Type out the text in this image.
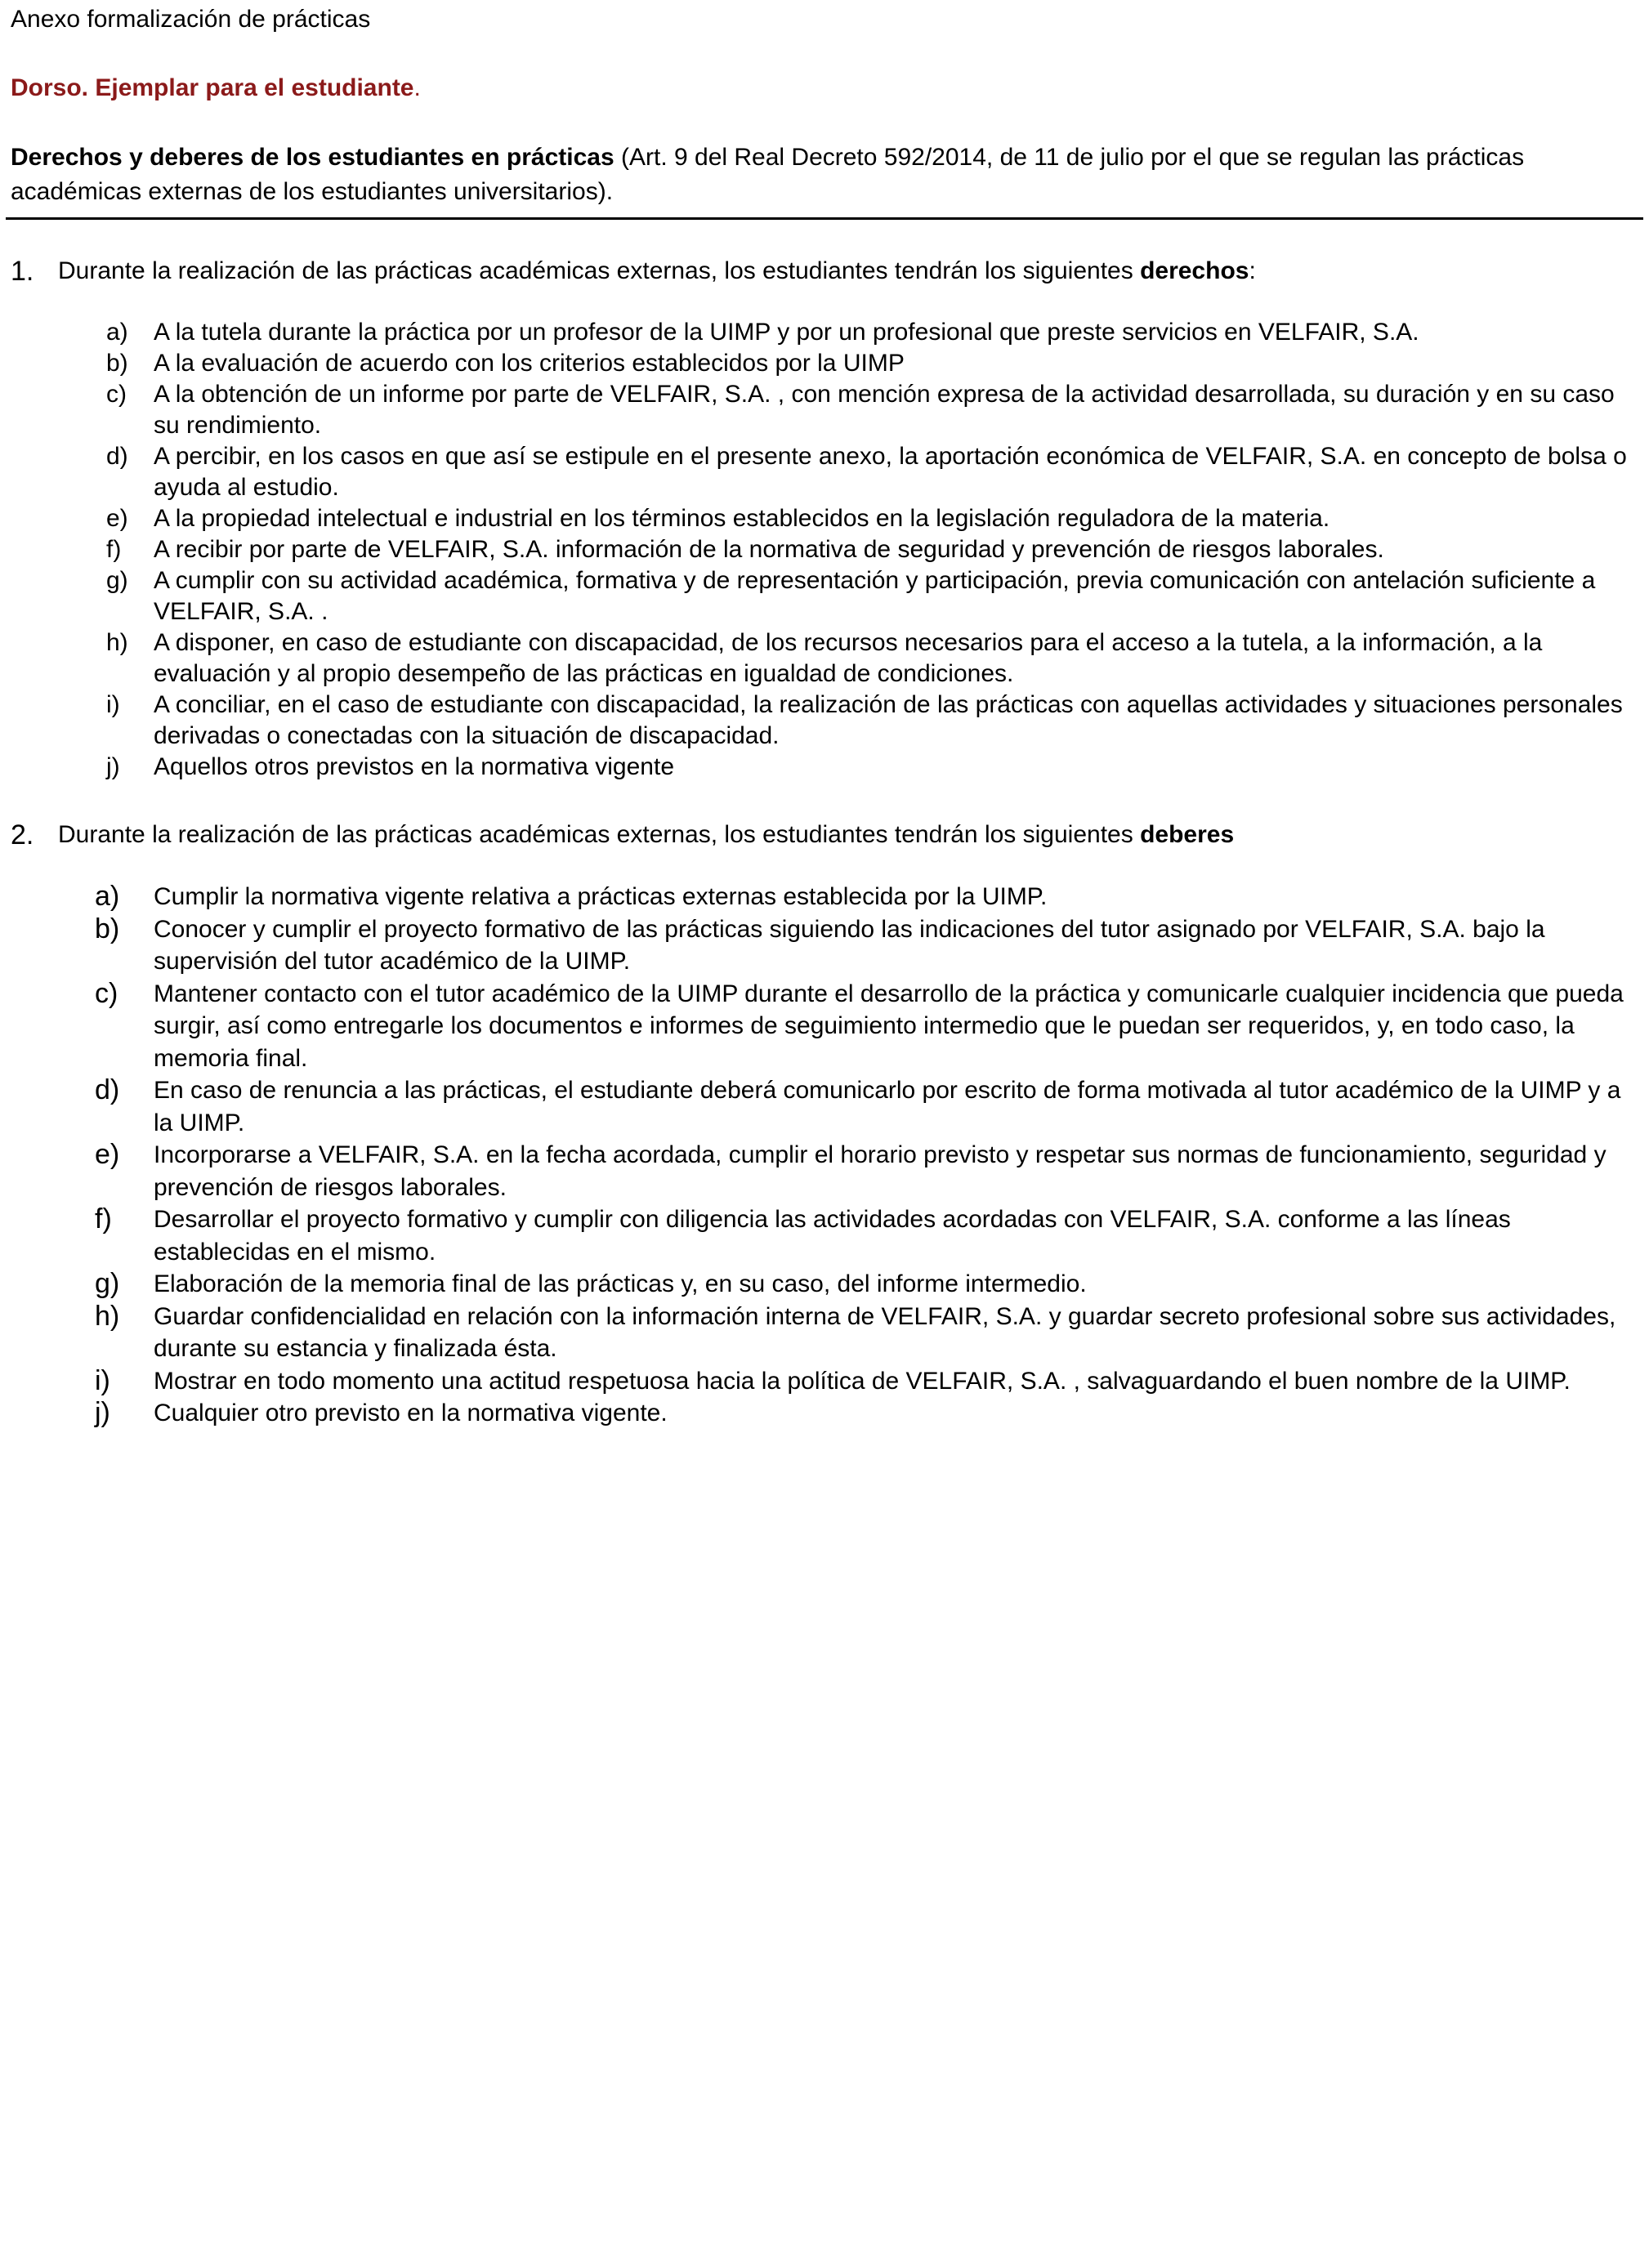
Anexo formalización de prácticas
Dorso. Ejemplar para el estudiante.
Derechos y deberes de los estudiantes en prácticas (Art. 9 del Real Decreto 592/2014, de 11 de julio por el que se regulan las prácticas académicas externas de los estudiantes universitarios).
1. Durante la realización de las prácticas académicas externas, los estudiantes tendrán los siguientes derechos:
a) A la tutela durante la práctica por un profesor de la UIMP y por un profesional que preste servicios en VELFAIR, S.A.
b) A la evaluación de acuerdo con los criterios establecidos por la UIMP
c) A la obtención de un informe por parte de VELFAIR, S.A. , con mención expresa de la actividad desarrollada, su duración y en su caso su rendimiento.
d) A percibir, en los casos en que así se estipule en el presente anexo, la aportación económica de VELFAIR, S.A. en concepto de bolsa o ayuda al estudio.
e) A la propiedad intelectual e industrial en los términos establecidos en la legislación reguladora de la materia.
f) A recibir por parte de VELFAIR, S.A. información de la normativa de seguridad y prevención de riesgos laborales.
g) A cumplir con su actividad académica, formativa y de representación y participación, previa comunicación con antelación suficiente a VELFAIR, S.A. .
h) A disponer, en caso de estudiante con discapacidad, de los recursos necesarios para el acceso a la tutela, a la información, a la evaluación y al propio desempeño de las prácticas en igualdad de condiciones.
i) A conciliar, en el caso de estudiante con discapacidad, la realización de las prácticas con aquellas actividades y situaciones personales derivadas o conectadas con la situación de discapacidad.
j) Aquellos otros previstos en la normativa vigente
2. Durante la realización de las prácticas académicas externas, los estudiantes tendrán los siguientes deberes
a) Cumplir la normativa vigente relativa a prácticas externas establecida por la UIMP.
b) Conocer y cumplir el proyecto formativo de las prácticas siguiendo las indicaciones del tutor asignado por VELFAIR, S.A. bajo la supervisión del tutor académico de la UIMP.
c) Mantener contacto con el tutor académico de la UIMP durante el desarrollo de la práctica y comunicarle cualquier incidencia que pueda surgir, así como entregarle los documentos e informes de seguimiento intermedio que le puedan ser requeridos, y, en todo caso, la memoria final.
d) En caso de renuncia a las prácticas, el estudiante deberá comunicarlo por escrito de forma motivada al tutor académico de la UIMP y a la UIMP.
e) Incorporarse a VELFAIR, S.A. en la fecha acordada, cumplir el horario previsto y respetar sus normas de funcionamiento, seguridad y prevención de riesgos laborales.
f) Desarrollar el proyecto formativo y cumplir con diligencia las actividades acordadas con VELFAIR, S.A. conforme a las líneas establecidas en el mismo.
g) Elaboración de la memoria final de las prácticas y, en su caso, del informe intermedio.
h) Guardar confidencialidad en relación con la información interna de VELFAIR, S.A. y guardar secreto profesional sobre sus actividades, durante su estancia y finalizada ésta.
i) Mostrar en todo momento una actitud respetuosa hacia la política de VELFAIR, S.A. , salvaguardando el buen nombre de la UIMP.
j) Cualquier otro previsto en la normativa vigente.
